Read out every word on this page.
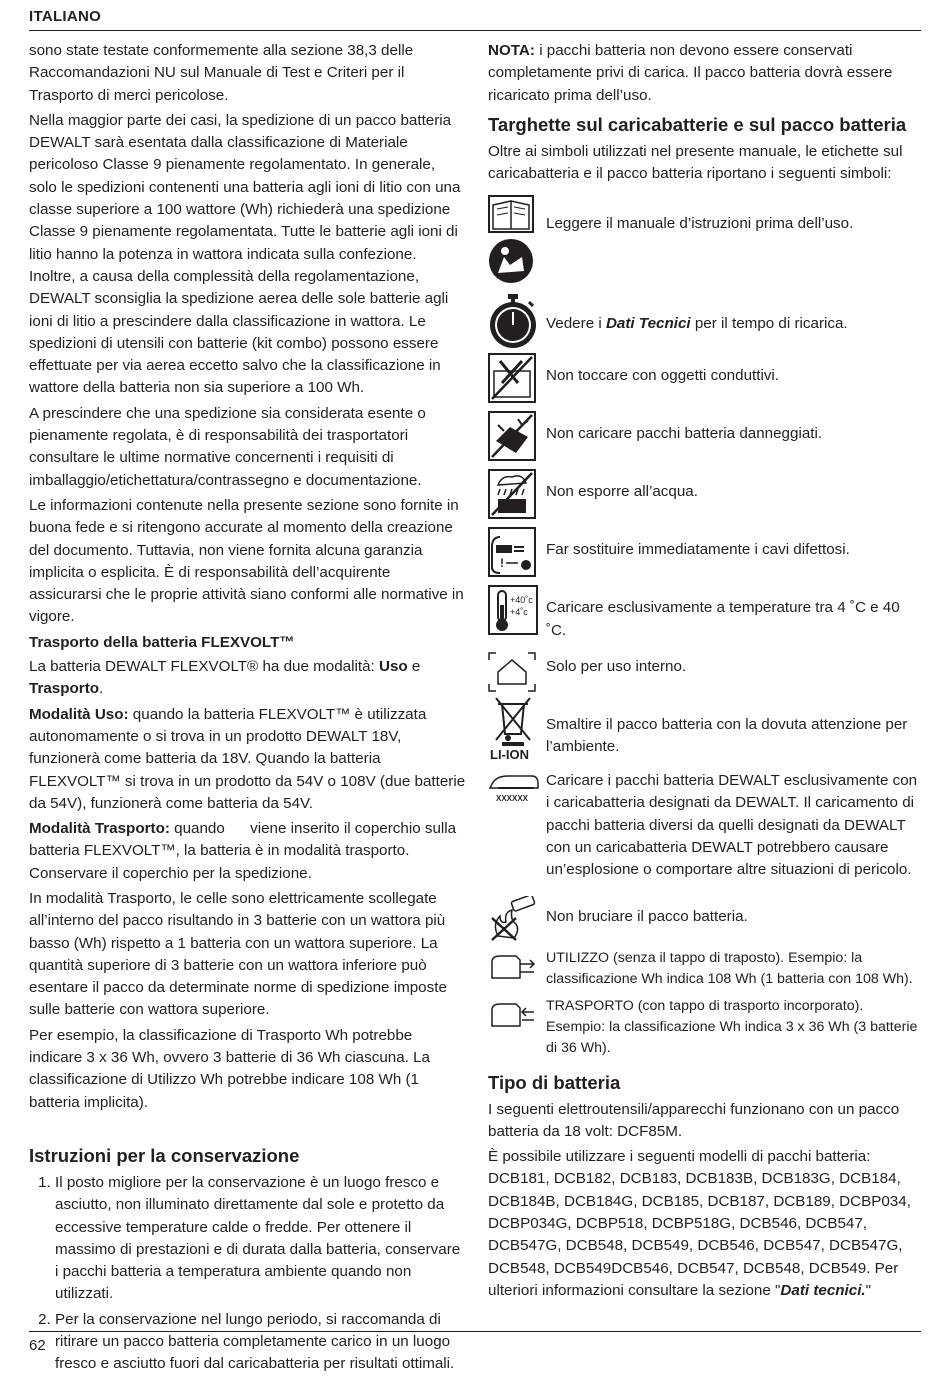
ITALIANO

sono state testate conformemente alla sezione 38,3 delle Raccomandazioni NU sul Manuale di Test e Criteri per il Trasporto di merci pericolose.

Nella maggior parte dei casi, la spedizione di un pacco batteria DEWALT sarà esentata dalla classificazione di Materiale pericoloso Classe 9 pienamente regolamentato. In generale, solo le spedizioni contenenti una batteria agli ioni di litio con una classe superiore a 100 wattore (Wh) richiederà una spedizione Classe 9 pienamente regolamentata. Tutte le batterie agli ioni di litio hanno la potenza in wattora indicata sulla confezione. Inoltre, a causa della complessità della regolamentazione, DEWALT sconsiglia la spedizione aerea delle sole batterie agli ioni di litio a prescindere dalla classificazione in wattora. Le spedizioni di utensili con batterie (kit combo) possono essere effettuate per via aerea eccetto salvo che la classificazione in wattore della batteria non sia superiore a 100 Wh.

A prescindere che una spedizione sia considerata esente o pienamente regolata, è di responsabilità dei trasportatori consultare le ultime normative concernenti i requisiti di imballaggio/etichettatura/contrassegno e documentazione.

Le informazioni contenute nella presente sezione sono fornite in buona fede e si ritengono accurate al momento della creazione del documento. Tuttavia, non viene fornita alcuna garanzia implicita o esplicita. È di responsabilità dell’acquirente assicurarsi che le proprie attività siano conformi alle normative in vigore.

Trasporto della batteria FLEXVOLT™

La batteria DEWALT FLEXVOLT® ha due modalità: Uso e Trasporto.

Modalità Uso: quando la batteria FLEXVOLT™ è utilizzata autonomamente o si trova in un prodotto DEWALT 18V, funzionerà come batteria da 18V. Quando la batteria FLEXVOLT™ si trova in un prodotto da 54V o 108V (due batterie da 54V), funzionerà come batteria da 54V.

Modalità Trasporto: quando      viene inserito il coperchio sulla batteria FLEXVOLT™, la batteria è in modalità trasporto. Conservare il coperchio per la spedizione.

In modalità Trasporto, le celle sono elettricamente scollegate all’interno del pacco risultando in 3 batterie con un wattora più basso (Wh) rispetto a 1 batteria con un wattora superiore. La quantità superiore di 3 batterie con un wattora inferiore può esentare il pacco da determinate norme di spedizione imposte sulle batterie con wattora superiore.

Per esempio, la classificazione di Trasporto Wh potrebbe indicare 3 x 36 Wh, ovvero 3 batterie di 36 Wh ciascuna. La classificazione di Utilizzo Wh potrebbe indicare 108 Wh (1 batteria implicita).

Istruzioni per la conservazione
1. Il posto migliore per la conservazione è un luogo fresco e asciutto, non illuminato direttamente dal sole e protetto da eccessive temperature calde o fredde. Per ottenere il massimo di prestazioni e di durata dalla batteria, conservare i pacchi batteria a temperatura ambiente quando non utilizzati.
2. Per la conservazione nel lungo periodo, si raccomanda di ritirare un pacco batteria completamente carico in un luogo fresco e asciutto fuori dal caricabatteria per risultati ottimali.

NOTA: i pacchi batteria non devono essere conservati completamente privi di carica. Il pacco batteria dovrà essere ricaricato prima dell’uso.

Targhette sul caricabatterie e sul pacco batteria

Oltre ai simboli utilizzati nel presente manuale, le etichette sul caricabatteria e il pacco batteria riportano i seguenti simboli:

Leggere il manuale d’istruzioni prima dell’uso.
Vedere i Dati Tecnici per il tempo di ricarica.
Non toccare con oggetti conduttivi.
Non caricare pacchi batteria danneggiati.
Non esporre all’acqua.
!
Far sostituire immediatamente i cavi difettosi.
+40˚c
+4˚c Caricare esclusivamente a temperature tra 4 ˚C e 40 ˚C.
Solo per uso interno.
LI-ION
Smaltire il pacco batteria con la dovuta attenzione per l’ambiente.
XXXXXX
Caricare i pacchi batteria DEWALT esclusivamente con i caricabatteria designati da DEWALT. Il caricamento di pacchi batteria diversi da quelli designati da DEWALT con un caricabatteria DEWALT potrebbero causare un’esplosione o comportare altre situazioni di pericolo.
Non bruciare il pacco batteria.
UTILIZZO (senza il tappo di traposto). Esempio: la classificazione Wh indica 108 Wh (1 batteria con 108 Wh).
TRASPORTO (con tappo di trasporto incorporato). Esempio: la classificazione Wh indica 3 x 36 Wh (3 batterie di 36 Wh).
Tipo di batteria

I seguenti elettroutensili/apparecchi funzionano con un pacco batteria da 18 volt: DCF85M.

È possibile utilizzare i seguenti modelli di pacchi batteria: DCB181, DCB182, DCB183, DCB183B, DCB183G, DCB184, DCB184B, DCB184G, DCB185, DCB187, DCB189, DCBP034, DCBP034G, DCBP518, DCBP518G, DCB546, DCB547, DCB547G, DCB548, DCB549, DCB546, DCB547, DCB547G, DCB548, DCB549DCB546, DCB547, DCB548, DCB549. Per ulteriori informazioni consultare la sezione "Dati tecnici."

62
